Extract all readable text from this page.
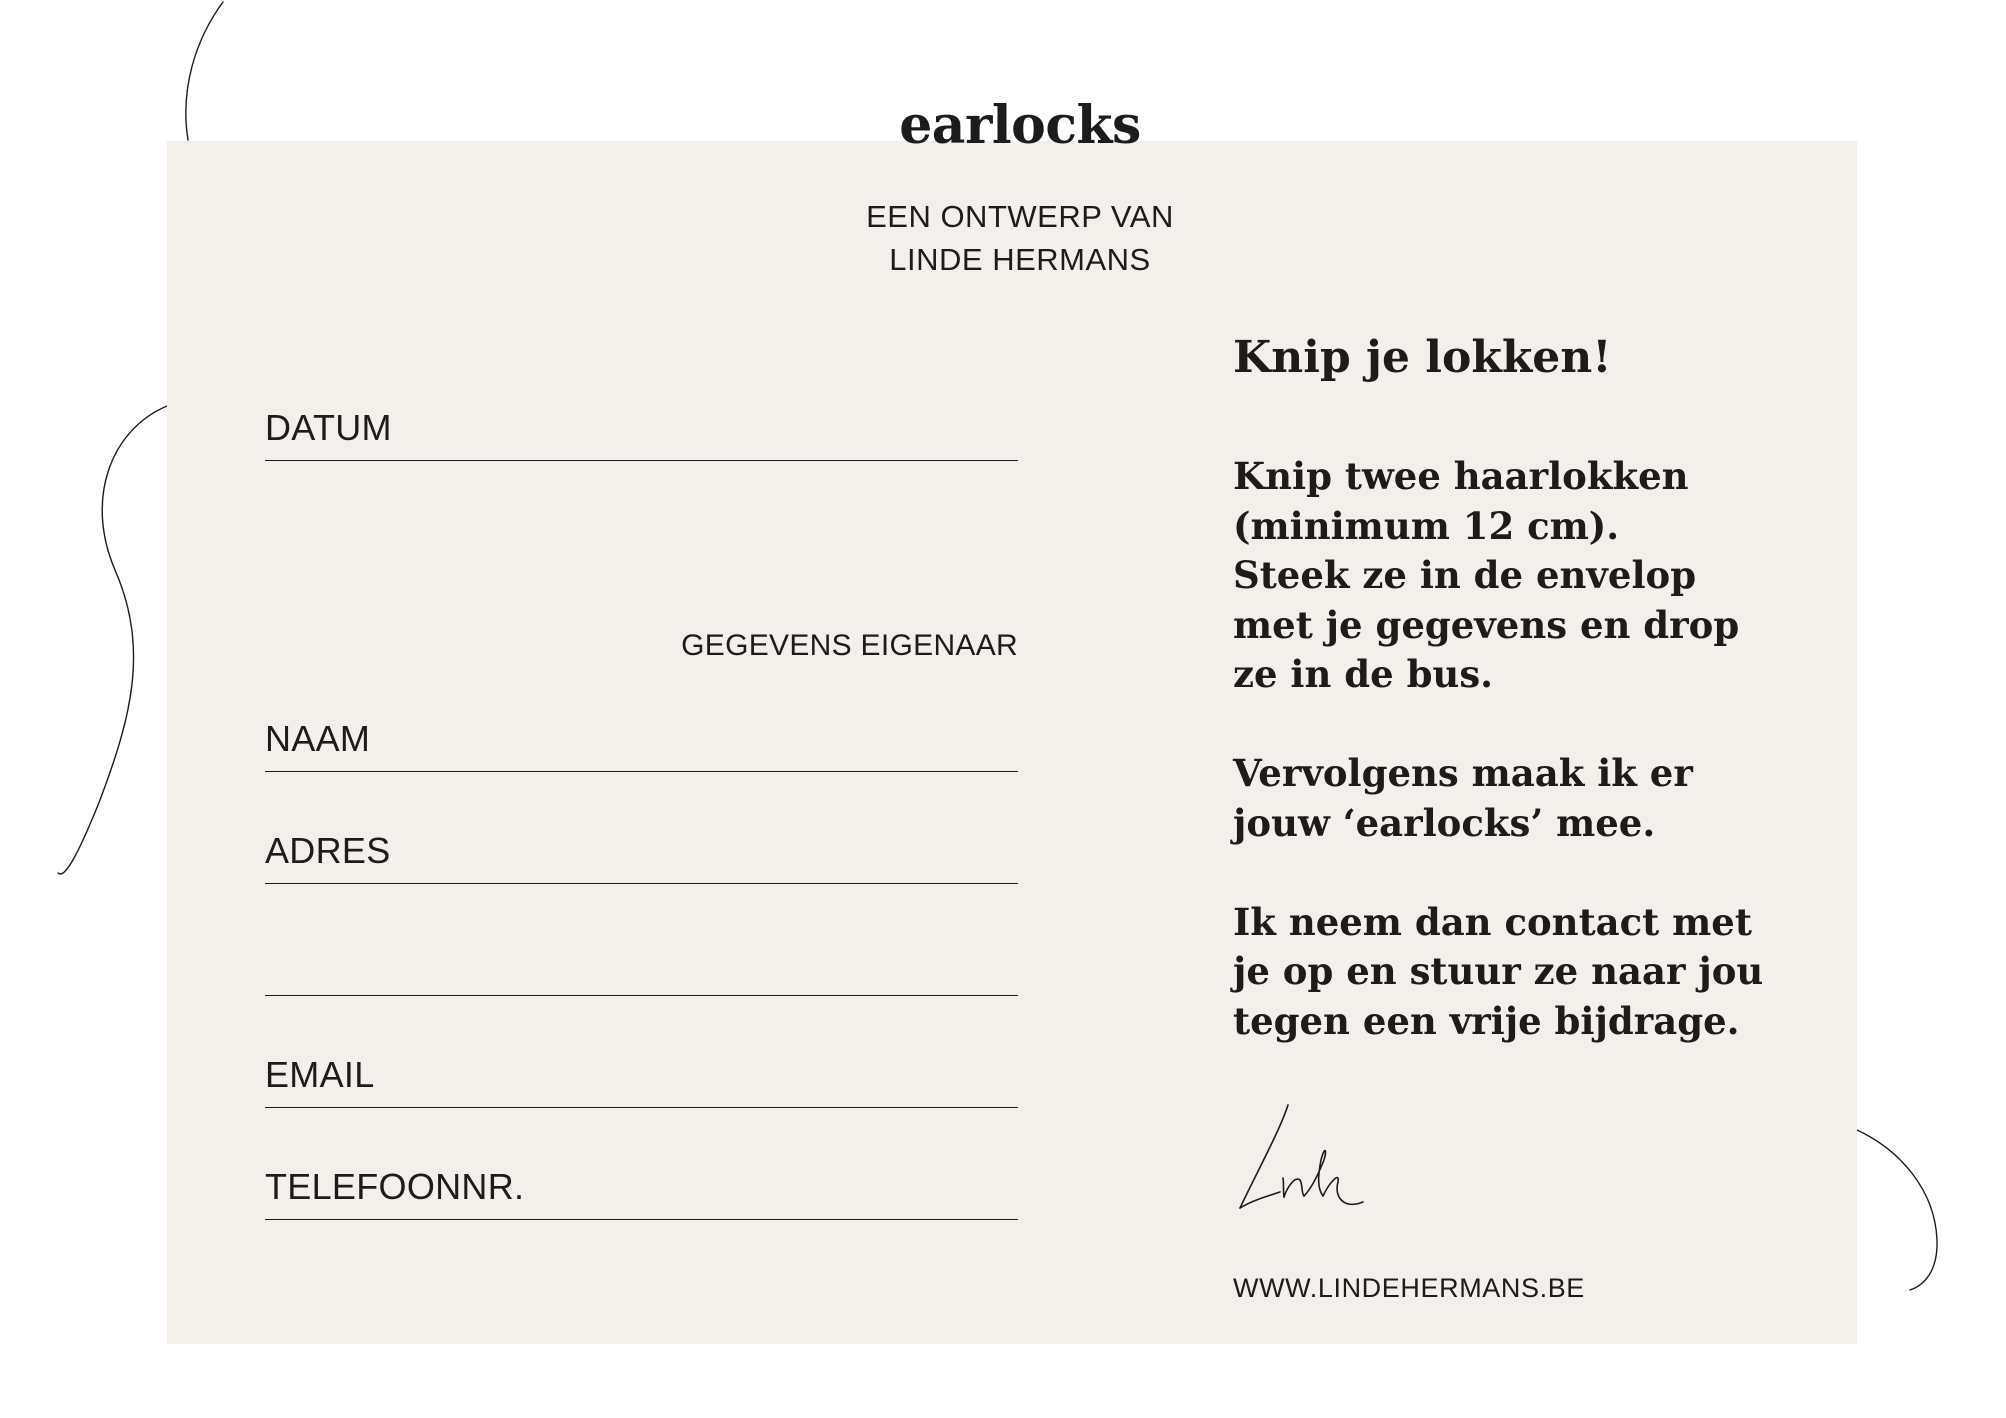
earlocks
EEN ONTWERP VAN
LINDE HERMANS
DATUM
GEGEVENS EIGENAAR
NAAM
ADRES
EMAIL
TELEFOONNR.
Knip je lokken!

Knip twee haarlokken
(minimum 12 cm).
Steek ze in de envelop
met je gegevens en drop
ze in de bus.

Vervolgens maak ik er
jouw ‘earlocks’ mee.

Ik neem dan contact met
je op en stuur ze naar jou
tegen een vrije bijdrage.

WWW.LINDEHERMANS.BE
